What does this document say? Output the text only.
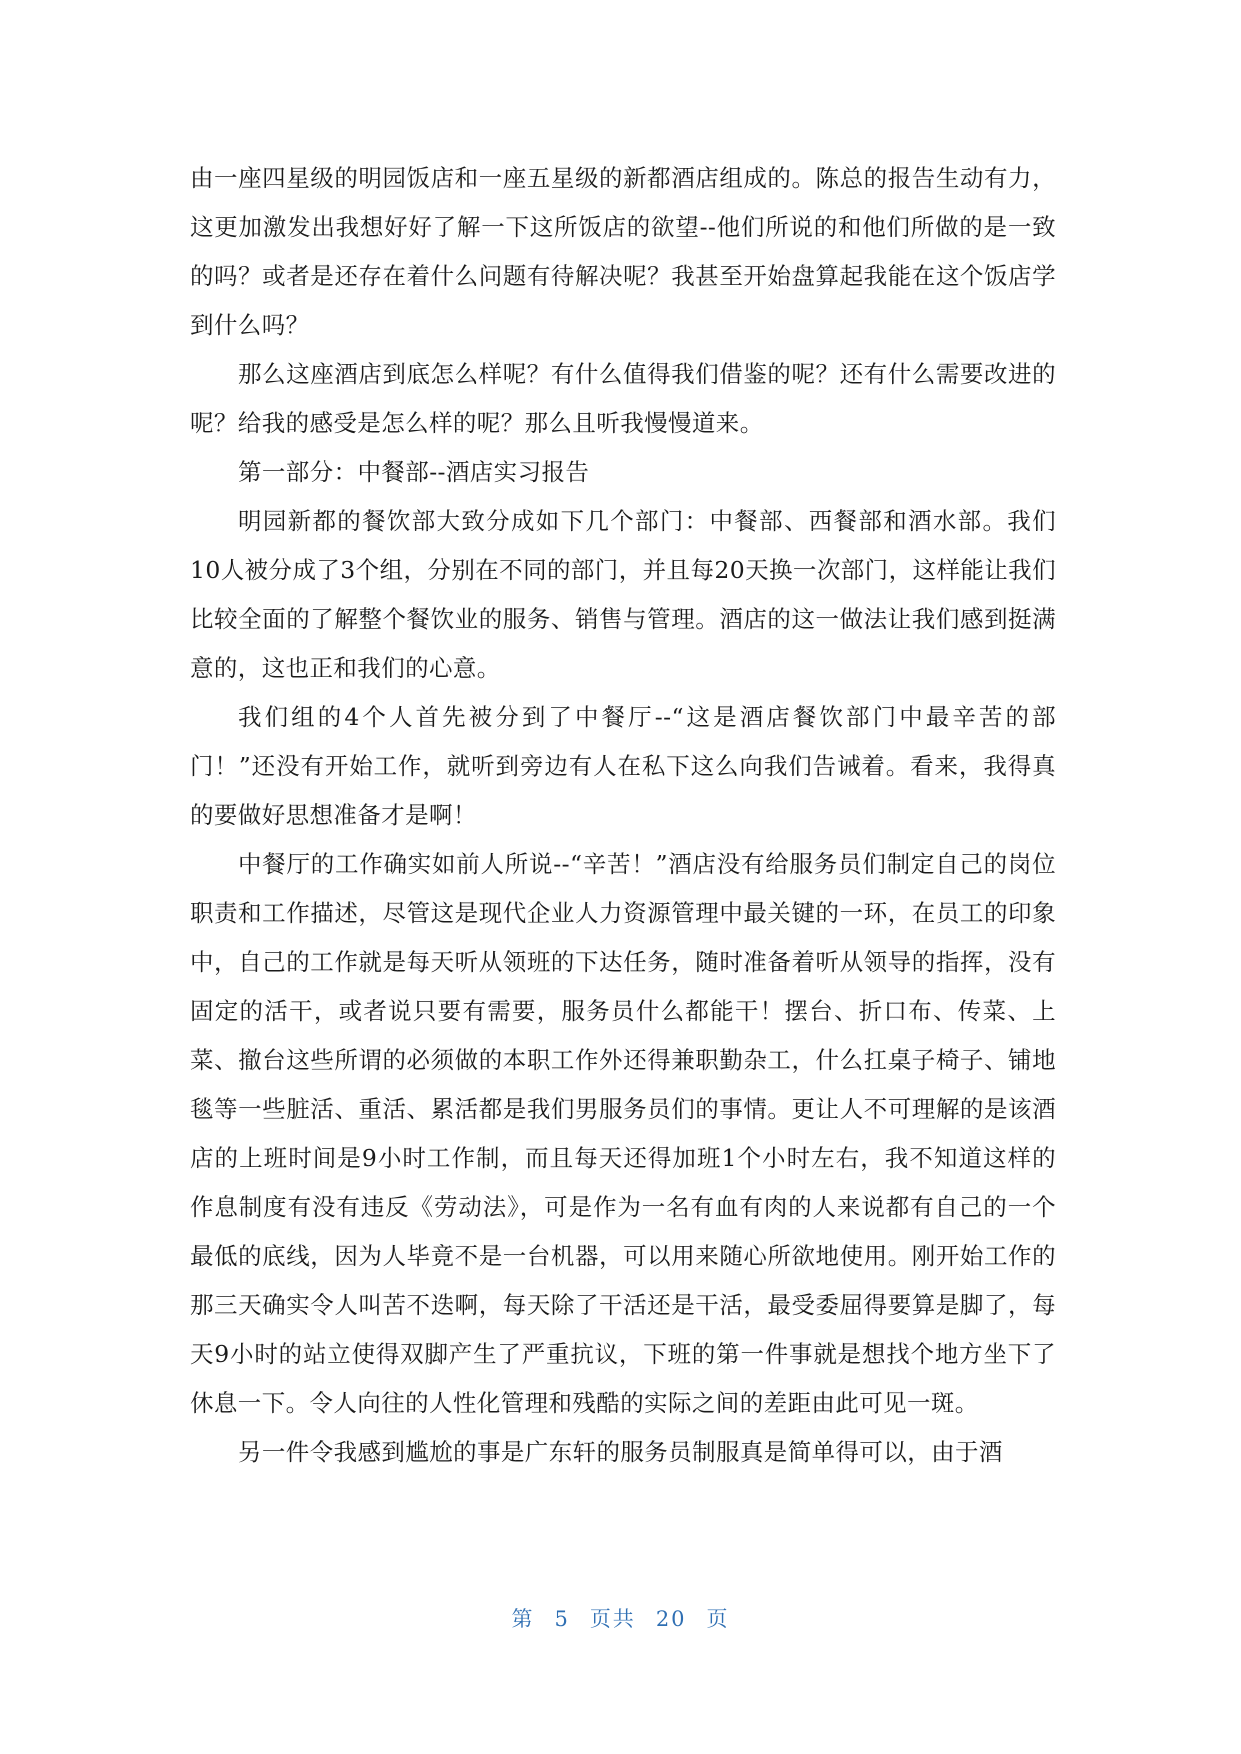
由一座四星级的明园饭店和一座五星级的新都酒店组成的。陈总的报告生动有力，这更加激发出我想好好了解一下这所饭店的欲望--他们所说的和他们所做的是一致的吗？或者是还存在着什么问题有待解决呢？我甚至开始盘算起我能在这个饭店学到什么吗？

那么这座酒店到底怎么样呢？有什么值得我们借鉴的呢？还有什么需要改进的呢？给我的感受是怎么样的呢？那么且听我慢慢道来。

第一部分：中餐部--酒店实习报告

明园新都的餐饮部大致分成如下几个部门：中餐部、西餐部和酒水部。我们10人被分成了3个组，分别在不同的部门，并且每20天换一次部门，这样能让我们比较全面的了解整个餐饮业的服务、销售与管理。酒店的这一做法让我们感到挺满意的，这也正和我们的心意。

我们组的4个人首先被分到了中餐厅--“这是酒店餐饮部门中最辛苦的部门！”还没有开始工作，就听到旁边有人在私下这么向我们告诫着。看来，我得真的要做好思想准备才是啊！

中餐厅的工作确实如前人所说--“辛苦！”酒店没有给服务员们制定自己的岗位职责和工作描述，尽管这是现代企业人力资源管理中最关键的一环，在员工的印象中，自己的工作就是每天听从领班的下达任务，随时准备着听从领导的指挥，没有固定的活干，或者说只要有需要，服务员什么都能干！摆台、折口布、传菜、上菜、撤台这些所谓的必须做的本职工作外还得兼职勤杂工，什么扛桌子椅子、铺地毯等一些脏活、重活、累活都是我们男服务员们的事情。更让人不可理解的是该酒店的上班时间是9小时工作制，而且每天还得加班1个小时左右，我不知道这样的作息制度有没有违反《劳动法》，可是作为一名有血有肉的人来说都有自己的一个最低的底线，因为人毕竟不是一台机器，可以用来随心所欲地使用。刚开始工作的那三天确实令人叫苦不迭啊，每天除了干活还是干活，最受委屈得要算是脚了，每天9小时的站立使得双脚产生了严重抗议，下班的第一件事就是想找个地方坐下了休息一下。令人向往的人性化管理和残酷的实际之间的差距由此可见一斑。

另一件令我感到尴尬的事是广东轩的服务员制服真是简单得可以，由于酒

第 5 页共 20 页
